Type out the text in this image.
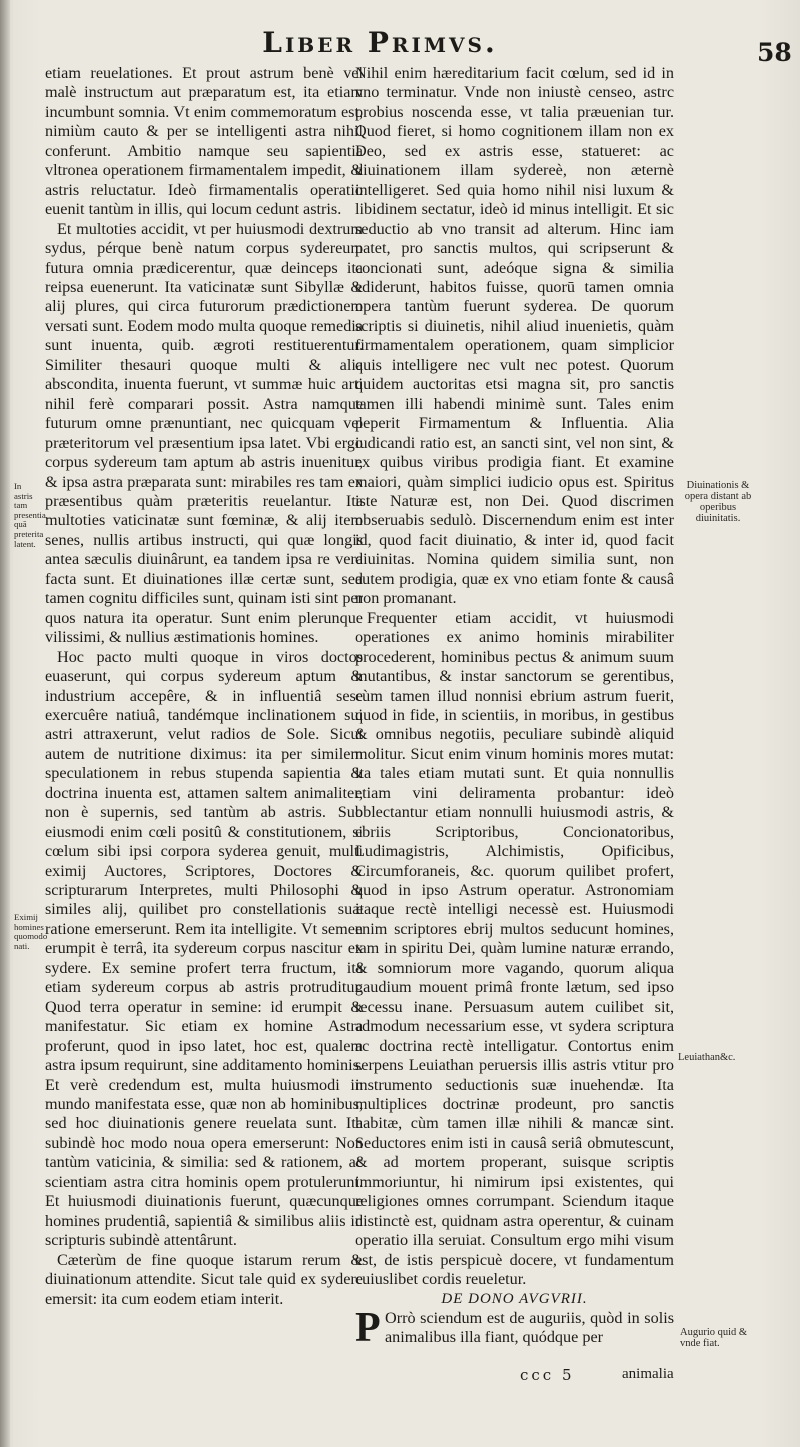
Liber Primvs.	58

etiam reuelationes. Et prout astrum benè vel malè instructum aut præparatum est, ita etiam incumbunt somnia. Vt enim commemoratum est, nimiùm cauto & per se intelligenti astra nihil conferunt. Ambitio namque seu sapientia vltronea operationem firmamentalem impedit, & astris reluctatur. Ideò firmamentalis operatio euenit tantùm in illis, qui locum cedunt astris.

Et multoties accidit, vt per huiusmodi dextrum sydus, pérque benè natum corpus sydereum futura omnia prædicerentur, quæ deinceps ita reipsa euenerunt. Ita vaticinatæ sunt Sibyllæ & alij plures, qui circa futurorum prædictionem versati sunt. Eodem modo multa quoque remedia sunt inuenta, quib. ægroti restituerentur. Similiter thesauri quoque multi & alia abscondita, inuenta fuerunt, vt summæ huic arti nihil ferè comparari possit. Astra namque futurum omne prænuntiant, nec quicquam vel præteritorum vel præsentium ipsa latet. Vbi ergo corpus sydereum tam aptum ab astris inuenitur, & ipsa astra præparata sunt: mirabiles res tam ex præsentibus quàm præteritis reuelantur. Ita multoties vaticinatæ sunt fœminæ, & alij item senes, nullis artibus instructi, qui quæ longis antea sæculis diuinârunt, ea tandem ipsa re vera facta sunt. Et diuinationes illæ certæ sunt, sed tamen cognitu difficiles sunt, quinam isti sint per quos natura ita operatur. Sunt enim plerunque vilissimi, & nullius æstimationis homines.

Hoc pacto multi quoque in viros doctos euaserunt, qui corpus sydereum aptum & industrium accepêre, & in influentiâ sese exercuêre natiuâ, tandémque inclinationem sui astri attraxerunt, velut radios de Sole. Sicut autem de nutritione diximus: ita per similem speculationem in rebus stupenda sapientia & doctrina inuenta est, attamen saltem animaliter, non è supernis, sed tantùm ab astris. Sub eiusmodi enim cœli positû & constitutionem, si cœlum sibi ipsi corpora syderea genuit, multi eximij Auctores, Scriptores, Doctores & scripturarum Interpretes, multi Philosophi & similes alij, quilibet pro constellationis suæ ratione emerserunt. Rem ita intelligite. Vt semen erumpit è terrâ, ita sydereum corpus nascitur ex sydere. Ex semine profert terra fructum, ita etiam sydereum corpus ab astris protruditur. Quod terra operatur in semine: id erumpit & manifestatur. Sic etiam ex homine Astra proferunt, quod in ipso latet, hoc est, qualem astra ipsum requirunt, sine additamento hominis. Et verè credendum est, multa huiusmodi in mundo manifestata esse, quæ non ab hominibus, sed hoc diuinationis genere reuelata sunt. Ita subindè hoc modo noua opera emerserunt: Non tantùm vaticinia, & similia: sed & rationem, ac scientiam astra citra hominis opem protulerunt. Et huiusmodi diuinationis fuerunt, quæcunque homines prudentiâ, sapientiâ & similibus aliis in scripturis subindè attentârunt.

Cæterùm de fine quoque istarum rerum & diuinationum attendite. Sicut tale quid ex sydere emersit: ita cum eodem etiam interit.

Nihil enim hæreditarium facit cœlum, sed id in vno terminatur. Vnde non iniustè censeo, astrc probius noscenda esse, vt talia præuenian tur. Quod fieret, si homo cognitionem illam non ex Deo, sed ex astris esse, statueret: ac diuinationem illam sydereè, non æternè intelligeret. Sed quia homo nihil nisi luxum & libidinem sectatur, ideò id minus intelligit. Et sic seductio ab vno transit ad alterum. Hinc iam patet, pro sanctis multos, qui scripserunt & concionati sunt, adeóque signa & similia ediderunt, habitos fuisse, quorū tamen omnia opera tantùm fuerunt syderea. De quorum scriptis si diuinetis, nihil aliud inuenietis, quàm firmamentalem operationem, quam simplicior quis intelligere nec vult nec potest. Quorum quidem auctoritas etsi magna sit, pro sanctis tamen illi habendi minimè sunt. Tales enim peperit Firmamentum & Influentia. Alia iudicandi ratio est, an sancti sint, vel non sint, & ex quibus viribus prodigia fiant. Et examine maiori, quàm simplici iudicio opus est. Spiritus iste Naturæ est, non Dei. Quod discrimen obseruabis sedulò. Discernendum enim est inter id, quod facit diuinatio, & inter id, quod facit diuinitas. Nomina quidem similia sunt, non autem prodigia, quæ ex vno etiam fonte & causâ non promanant.

Frequenter etiam accidit, vt huiusmodi operationes ex animo hominis mirabiliter procederent, hominibus pectus & animum suum mutantibus, & instar sanctorum se gerentibus, cùm tamen illud nonnisi ebrium astrum fuerit, quod in fide, in scientiis, in moribus, in gestibus & omnibus negotiis, peculiare subindè aliquid molitur. Sicut enim vinum hominis mores mutat: ita tales etiam mutati sunt. Et quia nonnullis etiam vini deliramenta probantur: ideò oblectantur etiam nonnulli huiusmodi astris, & ebriis Scriptoribus, Concionatoribus, Ludimagistris, Alchimistis, Opificibus, Circumforaneis, &c. quorum quilibet profert, quod in ipso Astrum operatur. Astronomiam itaque rectè intelligi necessè est. Huiusmodi enim scriptores ebrij multos seducunt homines, tam in spiritu Dei, quàm lumine naturæ errando, & somniorum more vagando, quorum aliqua gaudium mouent primâ fronte lætum, sed ipso recessu inane. Persuasum autem cuilibet sit, admodum necessarium esse, vt sydera scriptura ac doctrina rectè intelligatur. Contortus enim serpens Leuiathan peruersis illis astris vtitur pro instrumento seductionis suæ inuehendæ. Ita multiplices doctrinæ prodeunt, pro sanctis habitæ, cùm tamen illæ nihili & mancæ sint. Seductores enim isti in causâ seriâ obmutescunt, & ad mortem properant, suisque scriptis immoriuntur, hi nimirum ipsi existentes, qui religiones omnes corrumpant. Sciendum itaque distinctè est, quidnam astra operentur, & cuinam operatio illa seruiat. Consultum ergo mihi visum est, de istis perspicuè docere, vt fundamentum cuiuslibet cordis reueletur.

DE DONO AVGVRII.

P Orrò sciendum est de auguriis, quòd in solis animalibus illa fiant, quódque per

In astris tam presentia, quā preterita latent.
Eximij homines quomodo nati.
Diuinationis & opera distant ab operibus diuinitatis.
Leuiathan&c.
Augurio quid & vnde fiat.
ccc 5	animalia
